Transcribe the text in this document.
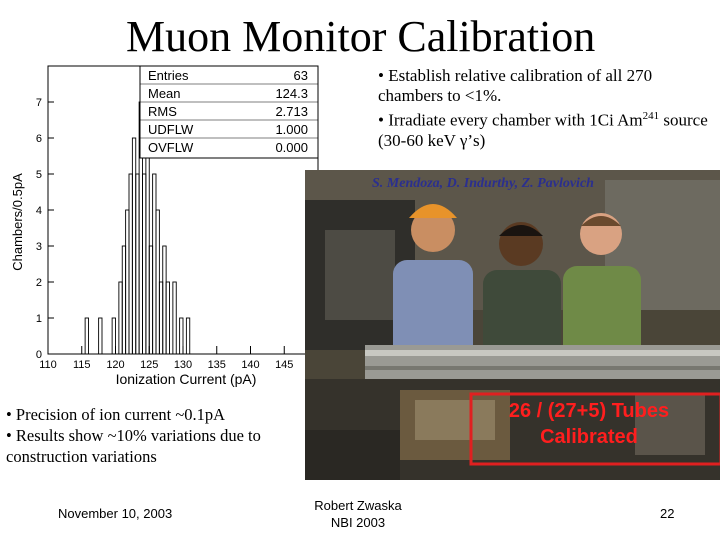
Muon Monitor Calibration
0
1
2
3
4
5
6
7
110 115 120 125 130 135 140 145
Ionization Current (pA)
Chambers/0.5pA
Entries	63
Mean	124.3
RMS	2.713
UDFLW	1.000
OVFLW	0.000

• Establish relative calibration of all 270 chambers to <1%.

• Irradiate every chamber with 1Ci Am$^{241}$ source (30-60 keV γ’s)

S. Mendoza, D. Indurthy, Z. Pavlovich
26 / (27+5) Tubes
Calibrated

• Precision of ion current ~0.1pA

• Results show ~10% variations due to construction variations

November 10, 2003
Robert Zwaska
NBI 2003
22
